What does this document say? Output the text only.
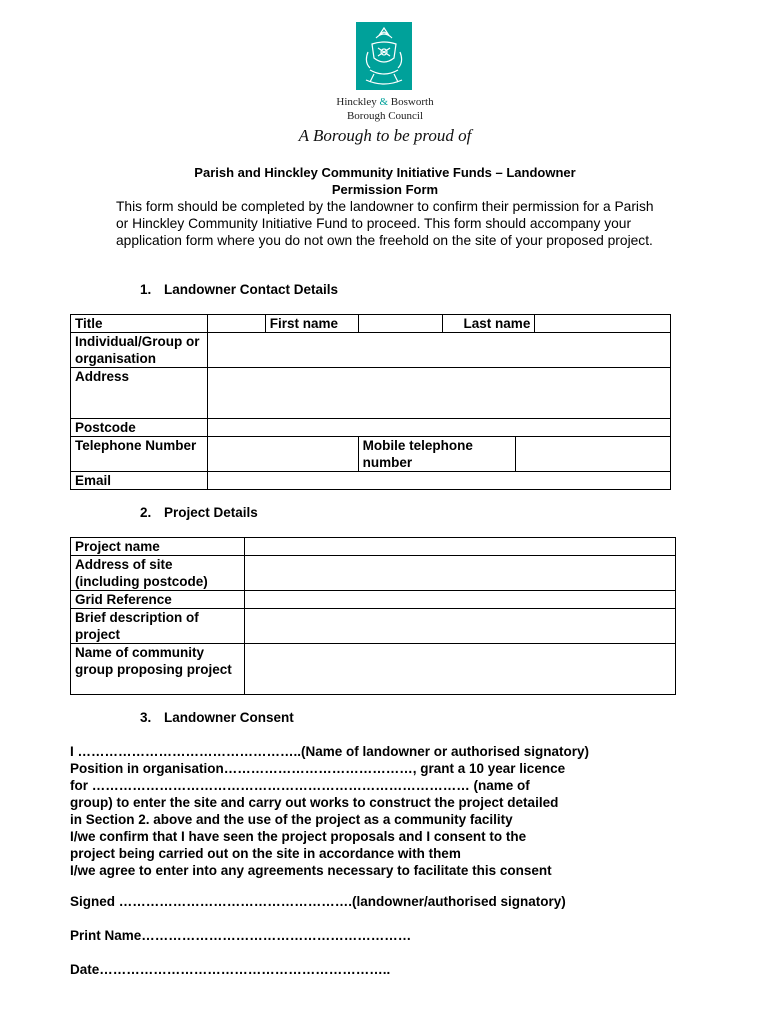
Hinckley & Bosworth
Borough Council
A Borough to be proud of
Parish and Hinckley Community Initiative Funds – Landowner
Permission Form
This form should be completed by the landowner to confirm their permission for a Parish or Hinckley Community Initiative Fund to proceed. This form should accompany your application form where you do not own the freehold on the site of your proposed project.
1. Landowner Contact Details
Title		First name		Last name		
Individual/Group or organisation						
Address						
Postcode						
Telephone Number			Mobile telephone number			
Email						
2. Project Details
Project name	
Address of site (including postcode)	
Grid Reference	
Brief description of project	
Name of community group proposing project	
3. Landowner Consent
I …………………………………………..(Name of landowner or authorised signatory)
Position in organisation……………………………………, grant a 10 year licence
for ………………………………………………………………………… (name of
group) to enter the site and carry out works to construct the project detailed
in Section 2. above and the use of the project as a community facility
I/we confirm that I have seen the project proposals and I consent to the
project being carried out on the site in accordance with them
I/we agree to enter into any agreements necessary to facilitate this consent
Signed …………………………………………….(landowner/authorised signatory)
Print Name……………………………………………………
Date………………………………………………………..
